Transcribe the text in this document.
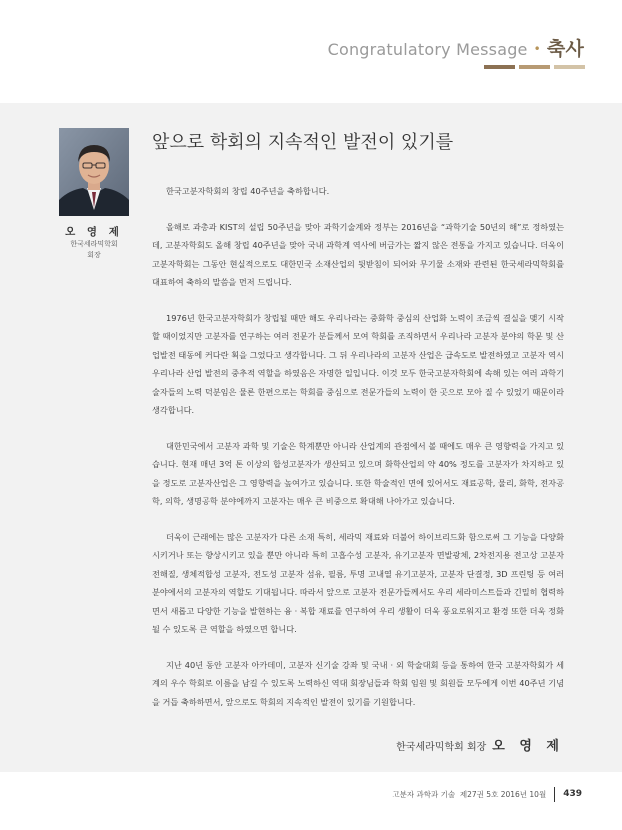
Congratulatory Message • 축사
오 영 제
한국세라믹학회
회장
앞으로 학회의 지속적인 발전이 있기를

한국고분자학회의 창립 40주년을 축하합니다.

올해로 과총과 KIST의 설립 50주년을 맞아 과학기술계와 정부는 2016년을 “과학기술 50년의 해”로 정하였는데, 고분자학회도 올해 창립 40주년을 맞아 국내 과학계 역사에 버금가는 짧지 않은 전통을 가지고 있습니다. 더욱이 고분자학회는 그동안 현실적으로도 대한민국 소재산업의 뒷받침이 되어와 무기물 소재와 관련된 한국세라믹학회를 대표하여 축하의 말씀을 먼저 드립니다.

1976년 한국고분자학회가 창립될 때만 해도 우리나라는 중화학 중심의 산업화 노력이 조금씩 결실을 맺기 시작할 때이었지만 고분자를 연구하는 여러 전문가 분들께서 모여 학회를 조직하면서 우리나라 고분자 분야의 학문 및 산업발전 태동에 커다란 획을 그었다고 생각합니다. 그 뒤 우리나라의 고분자 산업은 급속도로 발전하였고 고분자 역시 우리나라 산업 발전의 중추적 역할을 하였음은 자명한 일입니다. 이것 모두 한국고분자학회에 속해 있는 여러 과학기술자들의 노력 덕분임은 물론 한편으로는 학회를 중심으로 전문가들의 노력이 한 곳으로 모아 질 수 있었기 때문이라 생각합니다.

대한민국에서 고분자 과학 및 기술은 학계뿐만 아니라 산업계의 관점에서 볼 때에도 매우 큰 영향력을 가지고 있습니다. 현재 매년 3억 톤 이상의 합성고분자가 생산되고 있으며 화학산업의 약 40% 정도를 고분자가 차지하고 있을 정도로 고분자산업은 그 영향력을 높여가고 있습니다. 또한 학술적인 면에 있어서도 재료공학, 물리, 화학, 전자공학, 의학, 생명공학 분야에까지 고분자는 매우 큰 비중으로 확대해 나아가고 있습니다.

더욱이 근래에는 많은 고분자가 다른 소재 특히, 세라믹 재료와 더불어 하이브리드화 함으로써 그 기능을 다양화 시키거나 또는 향상시키고 있을 뿐만 아니라 특히 고흡수성 고분자, 유기고분자 면발광체, 2차전지용 전고상 고분자 전해질, 생체적합성 고분자, 전도성 고분자 섬유, 필름, 투명 고내열 유기고분자, 고분자 단결정, 3D 프린팅 등 여러 분야에서의 고분자의 역할도 기대됩니다. 따라서 앞으로 고분자 전문가들께서도 우리 세라미스트들과 긴밀히 협력하면서 새롭고 다양한 기능을 발현하는 융 · 복합 재료를 연구하여 우리 생활이 더욱 풍요로워지고 환경 또한 더욱 정화 될 수 있도록 큰 역할을 하였으면 합니다.

지난 40년 동안 고분자 아카데미, 고분자 신기술 강좌 및 국내 · 외 학술대회 등을 통하여 한국 고분자학회가 세계의 우수 학회로 이름을 남길 수 있도록 노력하신 역대 회장님들과 학회 임원 및 회원들 모두에게 이번 40주년 기념을 거듭 축하하면서, 앞으로도 학회의 지속적인 발전이 있기를 기원합니다.

한국세라믹학회 회장 오 영 제
고분자 과학과 기술
제27권 5호 2016년 10월 439
